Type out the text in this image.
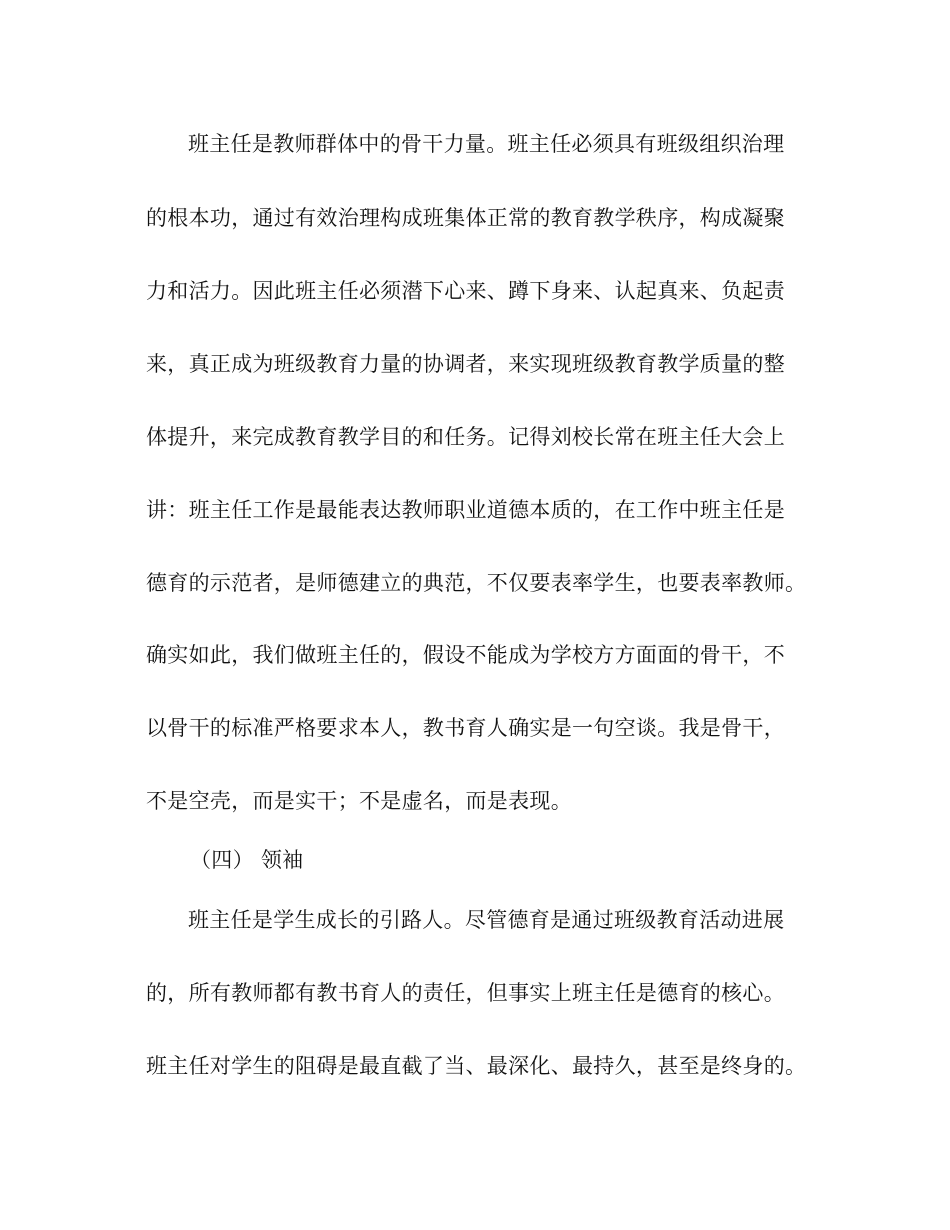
班主任是教师群体中的骨干力量。班主任必须具有班级组织治理
的根本功，通过有效治理构成班集体正常的教育教学秩序，构成凝聚
力和活力。因此班主任必须潜下心来、蹲下身来、认起真来、负起责
来，真正成为班级教育力量的协调者，来实现班级教育教学质量的整
体提升，来完成教育教学目的和任务。记得刘校长常在班主任大会上
讲：班主任工作是最能表达教师职业道德本质的，在工作中班主任是
德育的示范者，是师德建立的典范，不仅要表率学生，也要表率教师。
确实如此，我们做班主任的，假设不能成为学校方方面面的骨干，不
以骨干的标准严格要求本人，教书育人确实是一句空谈。我是骨干，
不是空壳，而是实干；不是虚名，而是表现。
（四） 领袖
班主任是学生成长的引路人。尽管德育是通过班级教育活动进展
的，所有教师都有教书育人的责任，但事实上班主任是德育的核心。
班主任对学生的阻碍是最直截了当、最深化、最持久，甚至是终身的。
